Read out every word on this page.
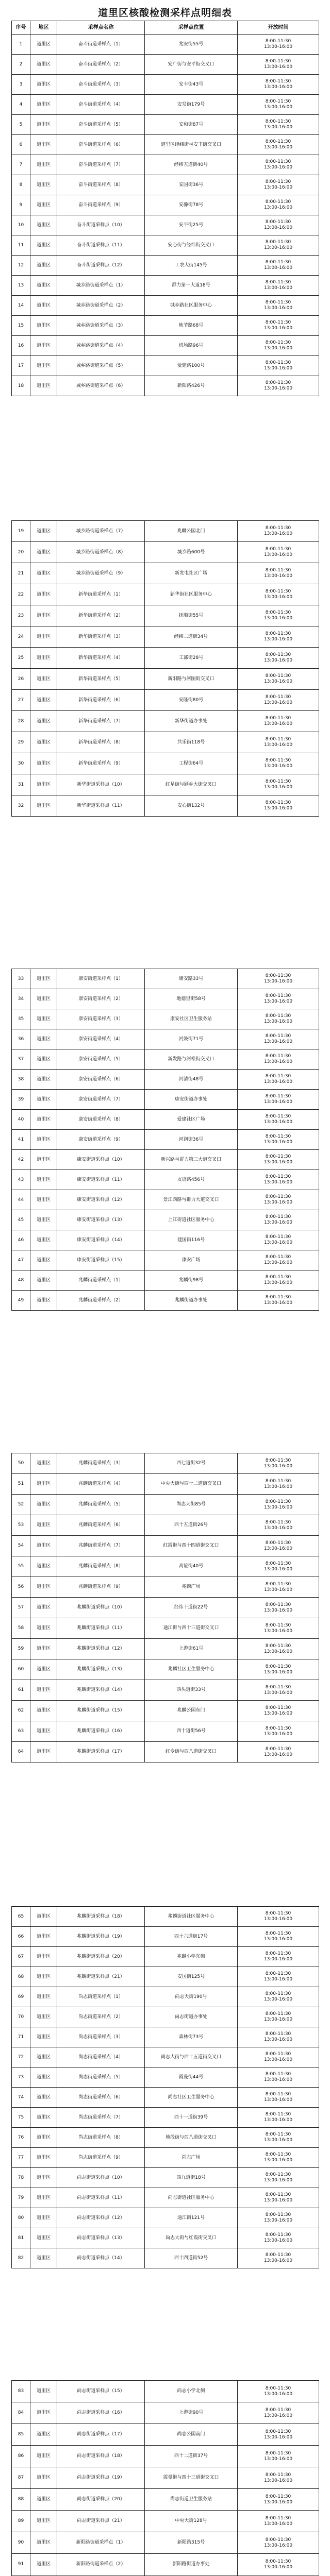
道里区核酸检测采样点明细表
序号	地区	采样点名称	采样点位置	开放时间
1	道里区	奋斗街道采样点（1）	兆安街55号	8:00-11:30
13:00-16:00
2	道里区	奋斗街道采样点（2）	安广街与安平街交叉口	8:00-11:30
13:00-16:00
3	道里区	奋斗街道采样点（3）	安丰街43号	8:00-11:30
13:00-16:00
4	道里区	奋斗街道采样点（4）	安发街179号	8:00-11:30
13:00-16:00
5	道里区	奋斗街道采样点（5）	安和街87号	8:00-11:30
13:00-16:00
6	道里区	奋斗街道采样点（6）	道里区经纬街与安丰街交叉口	8:00-11:30
13:00-16:00
7	道里区	奋斗街道采样点（7）	经纬五道街40号	8:00-11:30
13:00-16:00
8	道里区	奋斗街道采样点（8）	安国街36号	8:00-11:30
13:00-16:00
9	道里区	奋斗街道采样点（9）	安静街78号	8:00-11:30
13:00-16:00
10	道里区	奋斗街道采样点（10）	安平街25号	8:00-11:30
13:00-16:00
11	道里区	奋斗街道采样点（11）	安心街与经纬街交叉口	8:00-11:30
13:00-16:00
12	道里区	奋斗街道采样点（12）	工农大街145号	8:00-11:30
13:00-16:00
13	道里区	城乡路街道采样点（1）	群力第一大道18号	8:00-11:30
13:00-16:00
14	道里区	城乡路街道采样点（2）	城乡路社区服务中心	8:00-11:30
13:00-16:00
15	道里区	城乡路街道采样点（3）	地节路68号	8:00-11:30
13:00-16:00
16	道里区	城乡路街道采样点（4）	机场路96号	8:00-11:30
13:00-16:00
17	道里区	城乡路街道采样点（5）	爱建路100号	8:00-11:30
13:00-16:00
18	道里区	城乡路街道采样点（6）	新阳路426号	8:00-11:30
13:00-16:00
19	道里区	城乡路街道采样点（7）	兆麟公园北门	8:00-11:30
13:00-16:00
20	道里区	城乡路街道采样点（8）	城乡路600号	8:00-11:30
13:00-16:00
21	道里区	城乡路街道采样点（9）	新发屯社区广场	8:00-11:30
13:00-16:00
22	道里区	新华街道采样点（1）	新华街社区服务中心	8:00-11:30
13:00-16:00
23	道里区	新华街道采样点（2）	抚顺街55号	8:00-11:30
13:00-16:00
24	道里区	新华街道采样点（3）	经纬二道街34号	8:00-11:30
13:00-16:00
25	道里区	新华街道采样点（4）	工部街28号	8:00-11:30
13:00-16:00
26	道里区	新华街道采样点（5）	新阳路与河图街交叉口	8:00-11:30
13:00-16:00
27	道里区	新华街道采样点（6）	安隆街80号	8:00-11:30
13:00-16:00
28	道里区	新华街道采样点（7）	新华街道办事处	8:00-11:30
13:00-16:00
29	道里区	新华街道采样点（8）	共乐街118号	8:00-11:30
13:00-16:00
30	道里区	新华街道采样点（9）	工程街64号	8:00-11:30
13:00-16:00
31	道里区	新华街道采样点（10）	红星街与顾乡大街交叉口	8:00-11:30
13:00-16:00
32	道里区	新华街道采样点（11）	安心街132号	8:00-11:30
13:00-16:00
33	道里区	康安街道采样点（1）	康安路33号	8:00-11:30
13:00-16:00
34	道里区	康安街道采样点（2）	地德里街58号	8:00-11:30
13:00-16:00
35	道里区	康安街道采样点（3）	康安社区卫生服务站	8:00-11:30
13:00-16:00
36	道里区	康安街道采样点（4）	河鼓街71号	8:00-11:30
13:00-16:00
37	道里区	康安街道采样点（5）	新发路与河松街交叉口	8:00-11:30
13:00-16:00
38	道里区	康安街道采样点（6）	河清街48号	8:00-11:30
13:00-16:00
39	道里区	康安街道采样点（7）	康安街道办事处	8:00-11:30
13:00-16:00
40	道里区	康安街道采样点（8）	爱建社区广场	8:00-11:30
13:00-16:00
41	道里区	康安街道采样点（9）	河润街36号	8:00-11:30
13:00-16:00
42	道里区	康安街道采样点（10）	新兴路与群力第三大道交叉口	8:00-11:30
13:00-16:00
43	道里区	康安街道采样点（11）	友谊路456号	8:00-11:30
13:00-16:00
44	道里区	康安街道采样点（12）	景江西路与群力大道交叉口	8:00-11:30
13:00-16:00
45	道里区	康安街道采样点（13）	上江街道社区服务中心	8:00-11:30
13:00-16:00
46	道里区	康安街道采样点（14）	建国街116号	8:00-11:30
13:00-16:00
47	道里区	康安街道采样点（15）	康安广场	8:00-11:30
13:00-16:00
48	道里区	兆麟街道采样点（1）	兆麟街98号	8:00-11:30
13:00-16:00
49	道里区	兆麟街道采样点（2）	兆麟街道办事处	8:00-11:30
13:00-16:00
50	道里区	兆麟街道采样点（3）	西七道街32号	8:00-11:30
13:00-16:00
51	道里区	兆麟街道采样点（4）	中央大街与西十二道街交叉口	8:00-11:30
13:00-16:00
52	道里区	兆麟街道采样点（5）	尚志大街85号	8:00-11:30
13:00-16:00
53	道里区	兆麟街道采样点（6）	西十五道街26号	8:00-11:30
13:00-16:00
54	道里区	兆麟街道采样点（7）	红霞街与西十四道街交叉口	8:00-11:30
13:00-16:00
55	道里区	兆麟街道采样点（8）	高谊街40号	8:00-11:30
13:00-16:00
56	道里区	兆麟街道采样点（9）	兆麟广场	8:00-11:30
13:00-16:00
57	道里区	兆麟街道采样点（10）	经纬十道街22号	8:00-11:30
13:00-16:00
58	道里区	兆麟街道采样点（11）	通江街与西十三道街交叉口	8:00-11:30
13:00-16:00
59	道里区	兆麟街道采样点（12）	上游街61号	8:00-11:30
13:00-16:00
60	道里区	兆麟街道采样点（13）	兆麟社区卫生服务中心	8:00-11:30
13:00-16:00
61	道里区	兆麟街道采样点（14）	西头道街33号	8:00-11:30
13:00-16:00
62	道里区	兆麟街道采样点（15）	兆麟公园东门	8:00-11:30
13:00-16:00
63	道里区	兆麟街道采样点（16）	西十道街56号	8:00-11:30
13:00-16:00
64	道里区	兆麟街道采样点（17）	红专街与西八道街交叉口	8:00-11:30
13:00-16:00
65	道里区	兆麟街道采样点（18）	兆麟街道社区服务中心	8:00-11:30
13:00-16:00
66	道里区	兆麟街道采样点（19）	西十六道街17号	8:00-11:30
13:00-16:00
67	道里区	兆麟街道采样点（20）	兆麟小学东侧	8:00-11:30
13:00-16:00
68	道里区	兆麟街道采样点（21）	安国街125号	8:00-11:30
13:00-16:00
69	道里区	尚志街道采样点（1）	尚志大街190号	8:00-11:30
13:00-16:00
70	道里区	尚志街道采样点（2）	尚志街道办事处	8:00-11:30
13:00-16:00
71	道里区	尚志街道采样点（3）	森林街73号	8:00-11:30
13:00-16:00
72	道里区	尚志街道采样点（4）	尚志大街与西十五道街交叉口	8:00-11:30
13:00-16:00
73	道里区	尚志街道采样点（5）	霞曼街44号	8:00-11:30
13:00-16:00
74	道里区	尚志街道采样点（6）	尚志社区卫生服务中心	8:00-11:30
13:00-16:00
75	道里区	尚志街道采样点（7）	西十一道街39号	8:00-11:30
13:00-16:00
76	道里区	尚志街道采样点（8）	地段街与西八道街交叉口	8:00-11:30
13:00-16:00
77	道里区	尚志街道采样点（9）	尚志广场	8:00-11:30
13:00-16:00
78	道里区	尚志街道采样点（10）	西九道街18号	8:00-11:30
13:00-16:00
79	道里区	尚志街道采样点（11）	尚志街道社区服务中心	8:00-11:30
13:00-16:00
80	道里区	尚志街道采样点（12）	通江街121号	8:00-11:30
13:00-16:00
81	道里区	尚志街道采样点（13）	尚志大街与红霞街交叉口	8:00-11:30
13:00-16:00
82	道里区	尚志街道采样点（14）	西十四道街52号	8:00-11:30
13:00-16:00
83	道里区	尚志街道采样点（15）	尚志小学北侧	8:00-11:30
13:00-16:00
84	道里区	尚志街道采样点（16）	上游街90号	8:00-11:30
13:00-16:00
85	道里区	尚志街道采样点（17）	尚志公园南门	8:00-11:30
13:00-16:00
86	道里区	尚志街道采样点（18）	西十二道街37号	8:00-11:30
13:00-16:00
87	道里区	尚志街道采样点（19）	霞曼街与西十三道街交叉口	8:00-11:30
13:00-16:00
88	道里区	尚志街道采样点（20）	尚志街道卫生服务站	8:00-11:30
13:00-16:00
89	道里区	尚志街道采样点（21）	中央大街128号	8:00-11:30
13:00-16:00
90	道里区	新阳路街道采样点（1）	新阳路315号	8:00-11:30
13:00-16:00
91	道里区	新阳路街道采样点（2）	新阳路街道办事处	8:00-11:30
13:00-16:00
